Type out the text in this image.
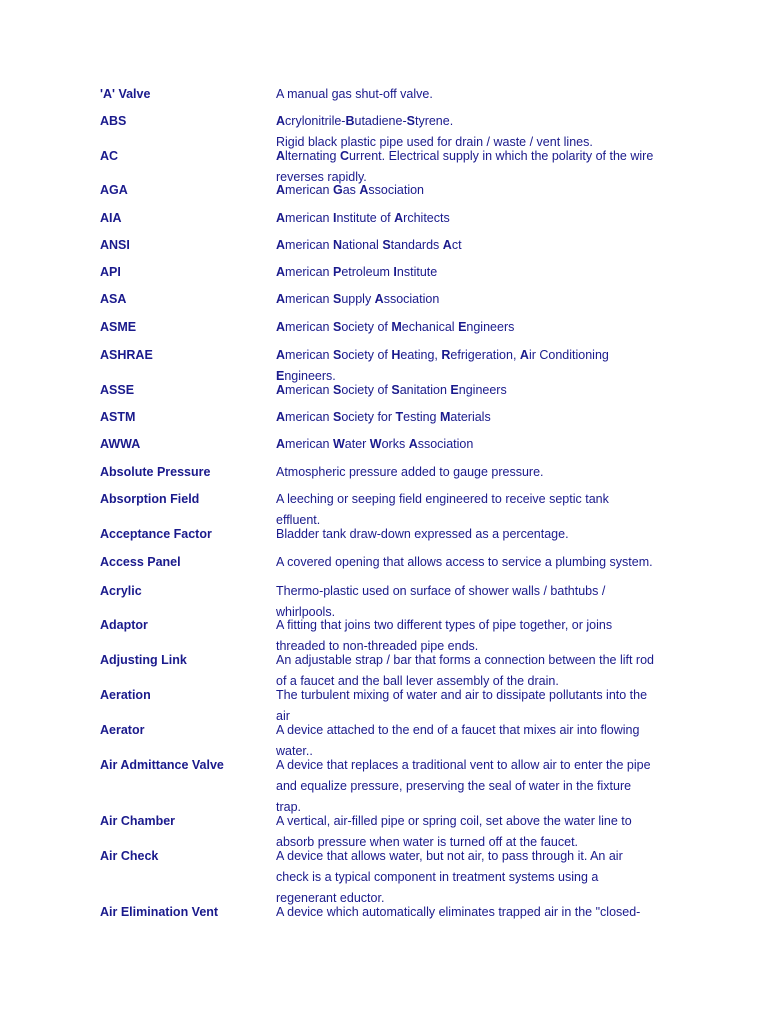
'A' Valve	A manual gas shut-off valve.
ABS	Acrylonitrile-Butadiene-Styrene.
Rigid black plastic pipe used for drain / waste / vent lines.
AC	Alternating Current. Electrical supply in which the polarity of the wire
reverses rapidly.
AGA	American Gas Association
AIA	American Institute of Architects
ANSI	American National Standards Act
API	American Petroleum Institute
ASA	American Supply Association
ASME	American Society of Mechanical Engineers
ASHRAE	American Society of Heating, Refrigeration, Air Conditioning
Engineers.
ASSE	American Society of Sanitation Engineers
ASTM	American Society for Testing Materials
AWWA	American Water Works Association
Absolute Pressure	Atmospheric pressure added to gauge pressure.
Absorption Field	A leeching or seeping field engineered to receive septic tank
effluent.
Acceptance Factor	Bladder tank draw-down expressed as a percentage.
Access Panel	A covered opening that allows access to service a plumbing system.
Acrylic	Thermo-plastic used on surface of shower walls / bathtubs /
whirlpools.
Adaptor	A fitting that joins two different types of pipe together, or joins
threaded to non-threaded pipe ends.
Adjusting Link	An adjustable strap / bar that forms a connection between the lift rod
of a faucet and the ball lever assembly of the drain.
Aeration	The turbulent mixing of water and air to dissipate pollutants into the
air
Aerator	A device attached to the end of a faucet that mixes air into flowing
water..
Air Admittance Valve	A device that replaces a traditional vent to allow air to enter the pipe
and equalize pressure, preserving the seal of water in the fixture
trap.
Air Chamber	A vertical, air-filled pipe or spring coil, set above the water line to
absorb pressure when water is turned off at the faucet.
Air Check	A device that allows water, but not air, to pass through it. An air
check is a typical component in treatment systems using a
regenerant eductor.
Air Elimination Vent	A device which automatically eliminates trapped air in the "closed-
